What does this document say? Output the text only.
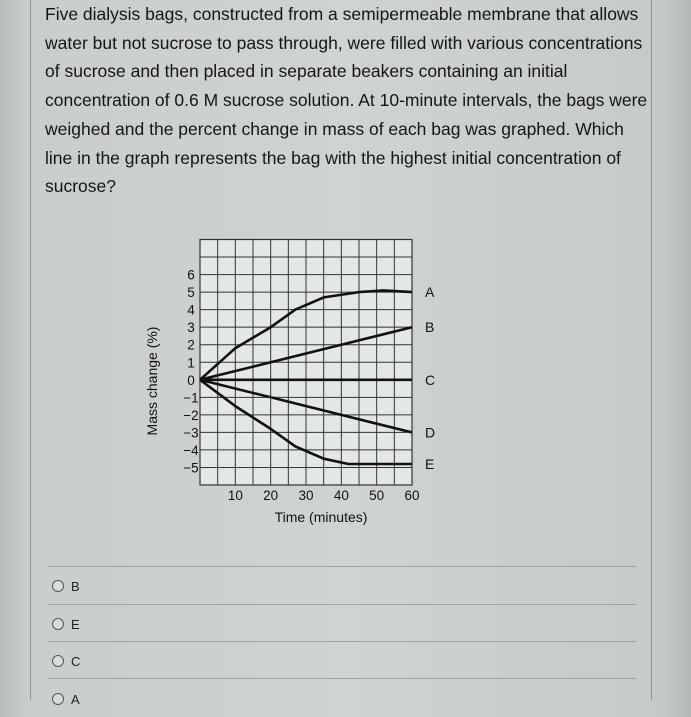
Five dialysis bags, constructed from a semipermeable membrane that allows water but not sucrose to pass through, were filled with various concentrations of sucrose and then placed in separate beakers containing an initial concentration of 0.6 M sucrose solution. At 10-minute intervals, the bags were weighed and the percent change in mass of each bag was graphed. Which line in the graph represents the bag with the highest initial concentration of sucrose?

A
B
C
D
E
6
5
4
3
2
1
0
−1
−2
−3
−4
−5
10 20 30 40 50 60
Time (minutes)
Mass change (%)
B
E
C
A
